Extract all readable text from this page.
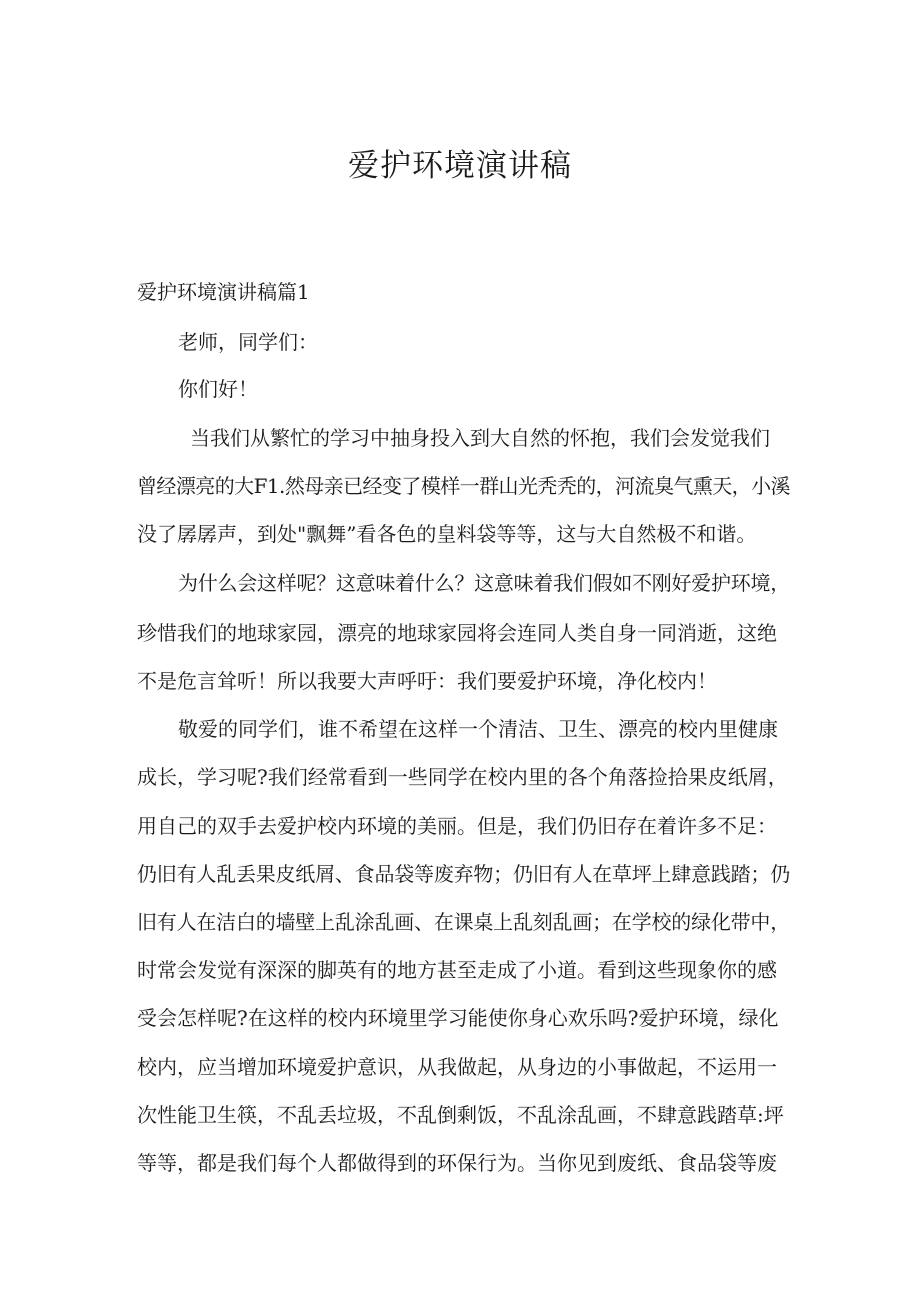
爱护环境演讲稿

爱护环境演讲稿篇1

老师，同学们：

你们好！

当我们从繁忙的学习中抽身投入到大自然的怀抱，我们会发觉我们

曾经漂亮的大F1.然母亲已经变了模样一群山光秃秃的，河流臭气熏天，小溪

没了孱孱声，到处"飘舞”看各色的皇料袋等等，这与大自然极不和谐。

为什么会这样呢？这意味着什么？这意味着我们假如不刚好爱护环境，

珍惜我们的地球家园，漂亮的地球家园将会连同人类自身一同消逝，这绝

不是危言耸听！所以我要大声呼吁：我们要爱护环境，净化校内！

敬爱的同学们，谁不希望在这样一个清洁、卫生、漂亮的校内里健康

成长，学习呢?我们经常看到一些同学在校内里的各个角落捡拾果皮纸屑，

用自己的双手去爱护校内环境的美丽。但是，我们仍旧存在着许多不足：

仍旧有人乱丢果皮纸屑、食品袋等废弃物；仍旧有人在草坪上肆意践踏；仍

旧有人在洁白的墙壁上乱涂乱画、在课桌上乱刻乱画；在学校的绿化带中，

时常会发觉有深深的脚英有的地方甚至走成了小道。看到这些现象你的感

受会怎样呢?在这样的校内环境里学习能使你身心欢乐吗?爱护环境，绿化

校内，应当增加环境爱护意识，从我做起，从身边的小事做起，不运用一

次性能卫生筷，不乱丢垃圾，不乱倒剩饭，不乱涂乱画，不肆意践踏草:坪

等等，都是我们每个人都做得到的环保行为。当你见到废纸、食品袋等废
